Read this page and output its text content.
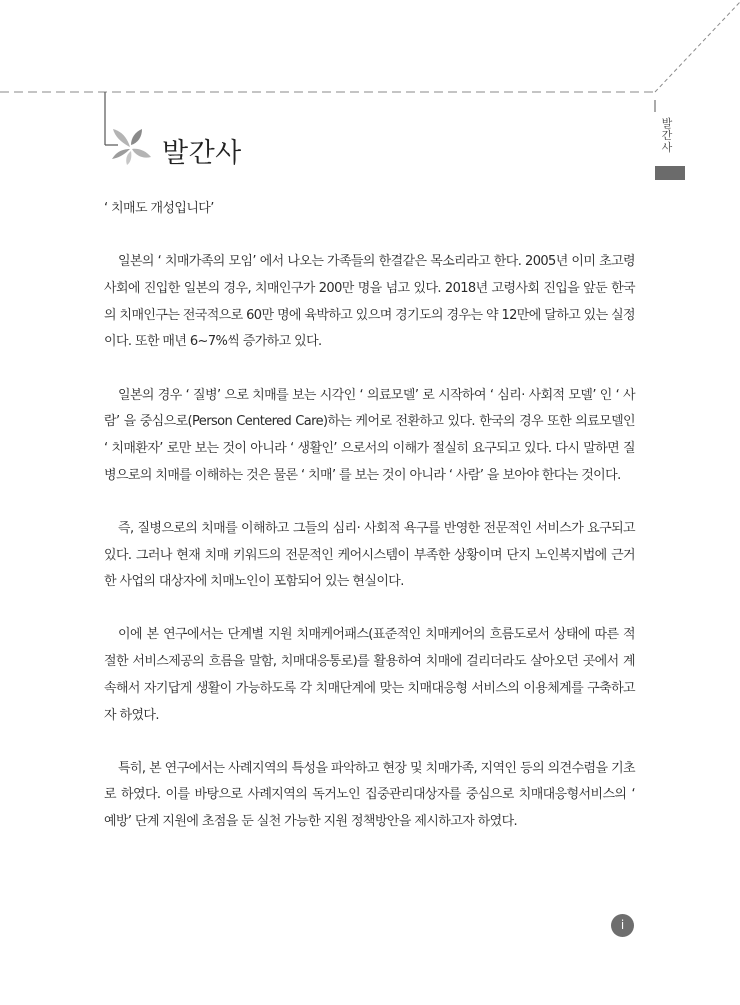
발간사
발간사

‘ 치매도 개성입니다’

일본의 ‘ 치매가족의 모임’ 에서 나오는 가족들의 한결같은 목소리라고 한다. 2005년 이미 초고령사회에 진입한 일본의 경우, 치매인구가 200만 명을 넘고 있다. 2018년 고령사회 진입을 앞둔 한국의 치매인구는 전국적으로 60만 명에 육박하고 있으며 경기도의 경우는 약 12만에 달하고 있는 실정이다. 또한 매년 6~7%씩 증가하고 있다.

일본의 경우 ‘ 질병’ 으로 치매를 보는 시각인 ‘ 의료모델’ 로 시작하여 ‘ 심리· 사회적 모델’ 인 ‘ 사람’ 을 중심으로(Person Centered Care)하는 케어로 전환하고 있다. 한국의 경우 또한 의료모델인 ‘ 치매환자’ 로만 보는 것이 아니라 ‘ 생활인’ 으로서의 이해가 절실히 요구되고 있다. 다시 말하면 질병으로의 치매를 이해하는 것은 물론 ‘ 치매’ 를 보는 것이 아니라 ‘ 사람’ 을 보아야 한다는 것이다.

즉, 질병으로의 치매를 이해하고 그들의 심리· 사회적 욕구를 반영한 전문적인 서비스가 요구되고 있다. 그러나 현재 치매 키워드의 전문적인 케어시스템이 부족한 상황이며 단지 노인복지법에 근거한 사업의 대상자에 치매노인이 포함되어 있는 현실이다.

이에 본 연구에서는 단계별 지원 치매케어패스(표준적인 치매케어의 흐름도로서 상태에 따른 적절한 서비스제공의 흐름을 말함, 치매대응통로)를 활용하여 치매에 걸리더라도 살아오던 곳에서 계속해서 자기답게 생활이 가능하도록 각 치매단계에 맞는 치매대응형 서비스의 이용체계를 구축하고자 하였다.

특히, 본 연구에서는 사례지역의 특성을 파악하고 현장 및 치매가족, 지역인 등의 의견수렴을 기초로 하였다. 이를 바탕으로 사례지역의 독거노인 집중관리대상자를 중심으로 치매대응형서비스의 ‘ 예방’ 단계 지원에 초점을 둔 실천 가능한 지원 정책방안을 제시하고자 하였다.

i
